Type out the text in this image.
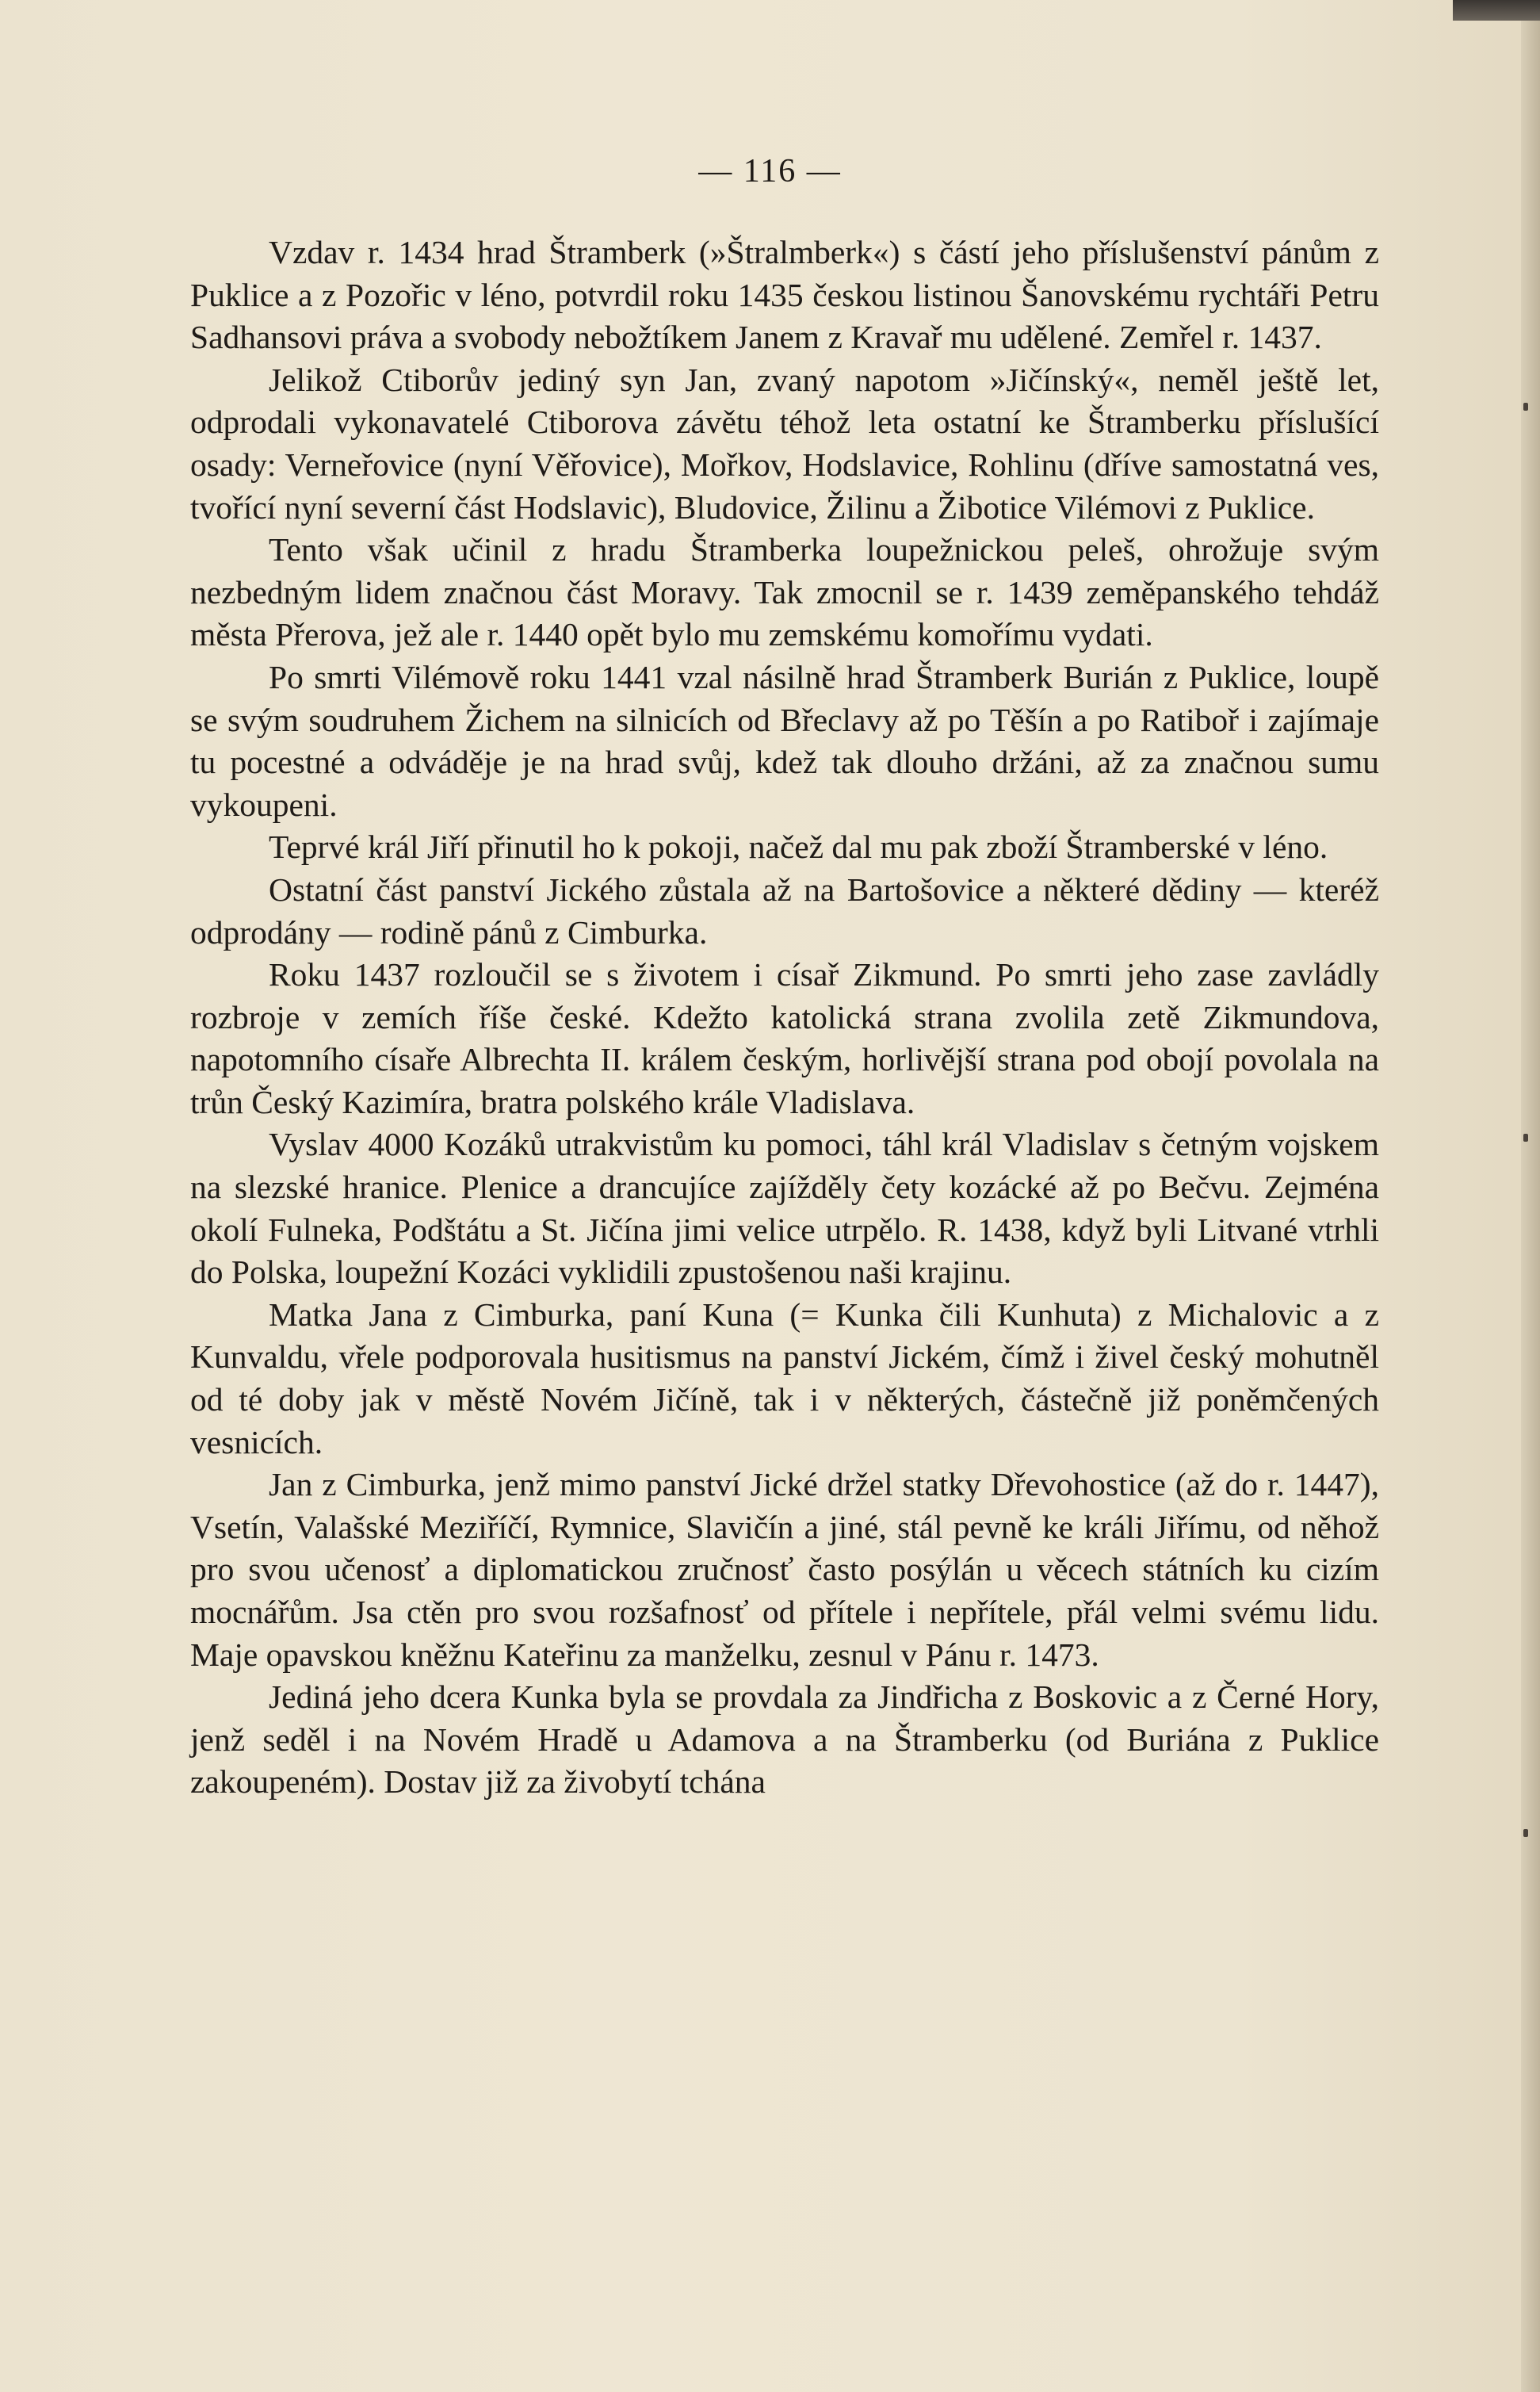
— 116 —

Vzdav r. 1434 hrad Štramberk (»Štralmberk«) s částí jeho příslušenství pánům z Puklice a z Pozořic v léno, potvrdil roku 1435 českou listinou Šanovskému rychtáři Petru Sadhansovi práva a svobody nebožtíkem Janem z Kravař mu udělené. Zemřel r. 1437.

Jelikož Ctiborův jediný syn Jan, zvaný napotom »Jičínský«, neměl ještě let, odprodali vykonavatelé Ctiborova závětu téhož leta ostatní ke Štramberku příslušící osady: Verneřovice (nyní Věřovice), Mořkov, Hodslavice, Rohlinu (dříve samostatná ves, tvořící nyní severní část Hodslavic), Bludovice, Žilinu a Žibotice Vilémovi z Puklice.

Tento však učinil z hradu Štramberka loupežnickou peleš, ohrožuje svým nezbedným lidem značnou část Moravy. Tak zmocnil se r. 1439 zeměpanského tehdáž města Přerova, jež ale r. 1440 opět bylo mu zemskému komořímu vydati.

Po smrti Vilémově roku 1441 vzal násilně hrad Štramberk Burián z Puklice, loupě se svým soudruhem Žichem na silnicích od Břeclavy až po Těšín a po Ratiboř i zajímaje tu pocestné a odváděje je na hrad svůj, kdež tak dlouho držáni, až za značnou sumu vykoupeni.

Teprvé král Jiří přinutil ho k pokoji, načež dal mu pak zboží Štramberské v léno.

Ostatní část panství Jického zůstala až na Bartošovice a některé dědiny — kteréž odprodány — rodině pánů z Cimburka.

Roku 1437 rozloučil se s životem i císař Zikmund. Po smrti jeho zase zavládly rozbroje v zemích říše české. Kdežto katolická strana zvolila zetě Zikmundova, napotomního císaře Albrechta II. králem českým, horlivější strana pod obojí povolala na trůn Český Kazimíra, bratra polského krále Vladislava.

Vyslav 4000 Kozáků utrakvistům ku pomoci, táhl král Vladislav s četným vojskem na slezské hranice. Plenice a drancujíce zajížděly čety kozácké až po Bečvu. Zejména okolí Fulneka, Podštátu a St. Jičína jimi velice utrpělo. R. 1438, když byli Litvané vtrhli do Polska, loupežní Kozáci vyklidili zpustošenou naši krajinu.

Matka Jana z Cimburka, paní Kuna (= Kunka čili Kunhuta) z Michalovic a z Kunvaldu, vřele podporovala husitismus na panství Jickém, čímž i živel český mohutněl od té doby jak v městě Novém Jičíně, tak i v některých, částečně již poněmčených vesnicích.

Jan z Cimburka, jenž mimo panství Jické držel statky Dřevohostice (až do r. 1447), Vsetín, Valašské Meziříčí, Rymnice, Slavičín a jiné, stál pevně ke králi Jiřímu, od něhož pro svou učenosť a diplomatickou zručnosť často posýlán u věcech státních ku cizím mocnářům. Jsa ctěn pro svou rozšafnosť od přítele i nepřítele, přál velmi svému lidu. Maje opavskou kněžnu Kateřinu za manželku, zesnul v Pánu r. 1473.

Jediná jeho dcera Kunka byla se provdala za Jindřicha z Boskovic a z Černé Hory, jenž seděl i na Novém Hradě u Adamova a na Štramberku (od Buriána z Puklice zakoupeném). Dostav již za živobytí tchána
